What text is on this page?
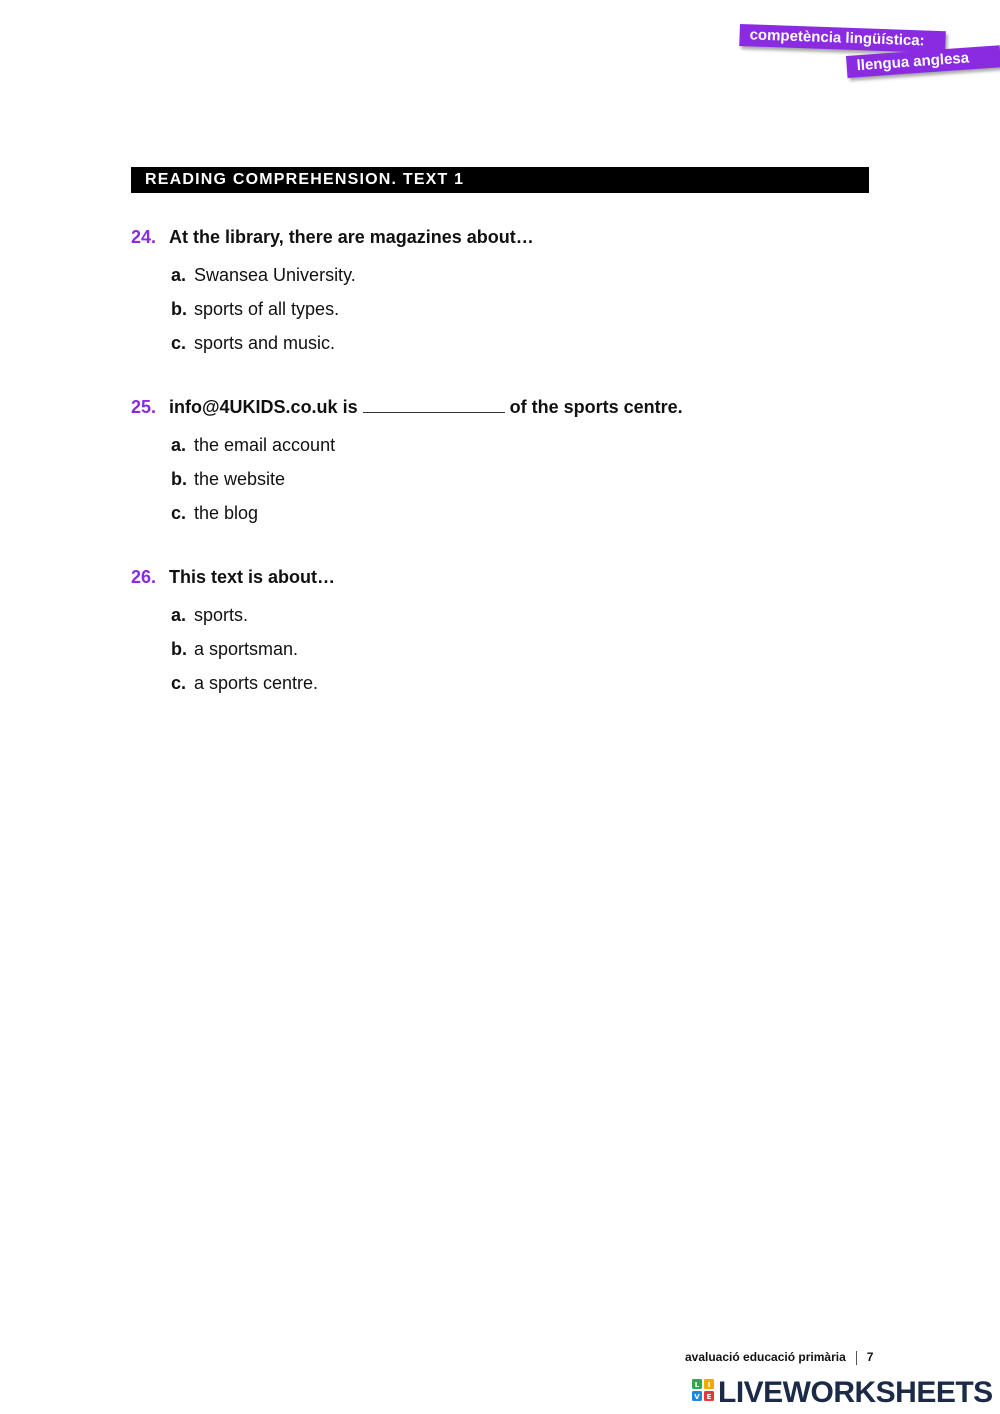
competència lingüística:
llengua anglesa
READING COMPREHENSION. TEXT 1
24. At the library, there are magazines about…
a. Swansea University.
b. sports of all types.
c. sports and music.
25. info@4UKIDS.co.uk is	of the sports centre.
a. the email account
b. the website
c. the blog
26. This text is about…
a. sports.
b. a sportsman.
c. a sports centre.
avaluació educació primària 7
L I
V E LIVEWORKSHEETS
